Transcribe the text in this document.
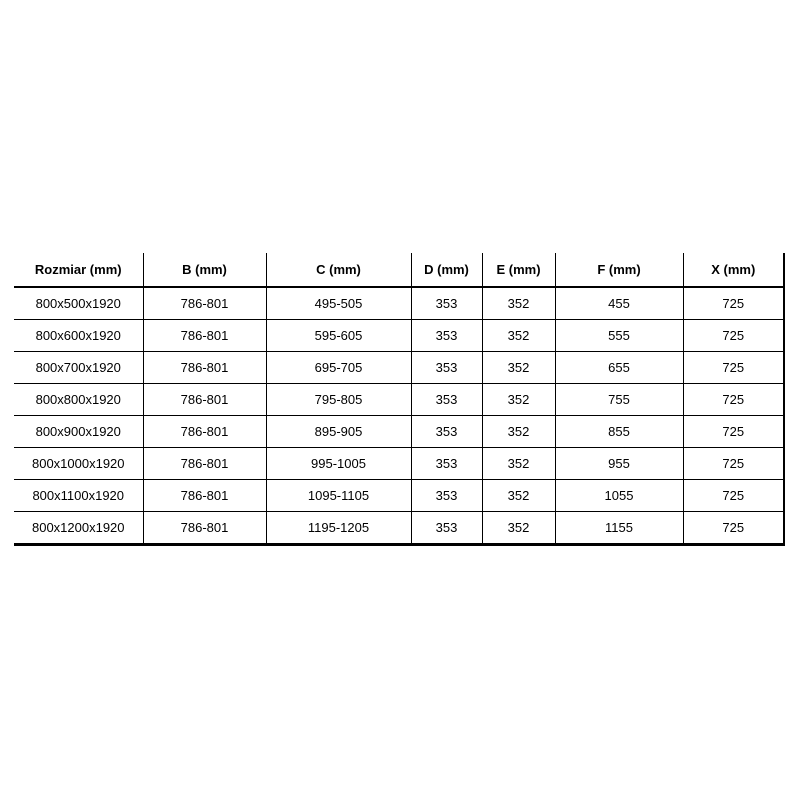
Rozmiar (mm)	B (mm)	C (mm)	D (mm)	E (mm)	F (mm)	X (mm)
800x500x1920	786-801	495-505	353	352	455	725
800x600x1920	786-801	595-605	353	352	555	725
800x700x1920	786-801	695-705	353	352	655	725
800x800x1920	786-801	795-805	353	352	755	725
800x900x1920	786-801	895-905	353	352	855	725
800x1000x1920	786-801	995-1005	353	352	955	725
800x1100x1920	786-801	1095-1105	353	352	1055	725
800x1200x1920	786-801	1195-1205	353	352	1155	725
